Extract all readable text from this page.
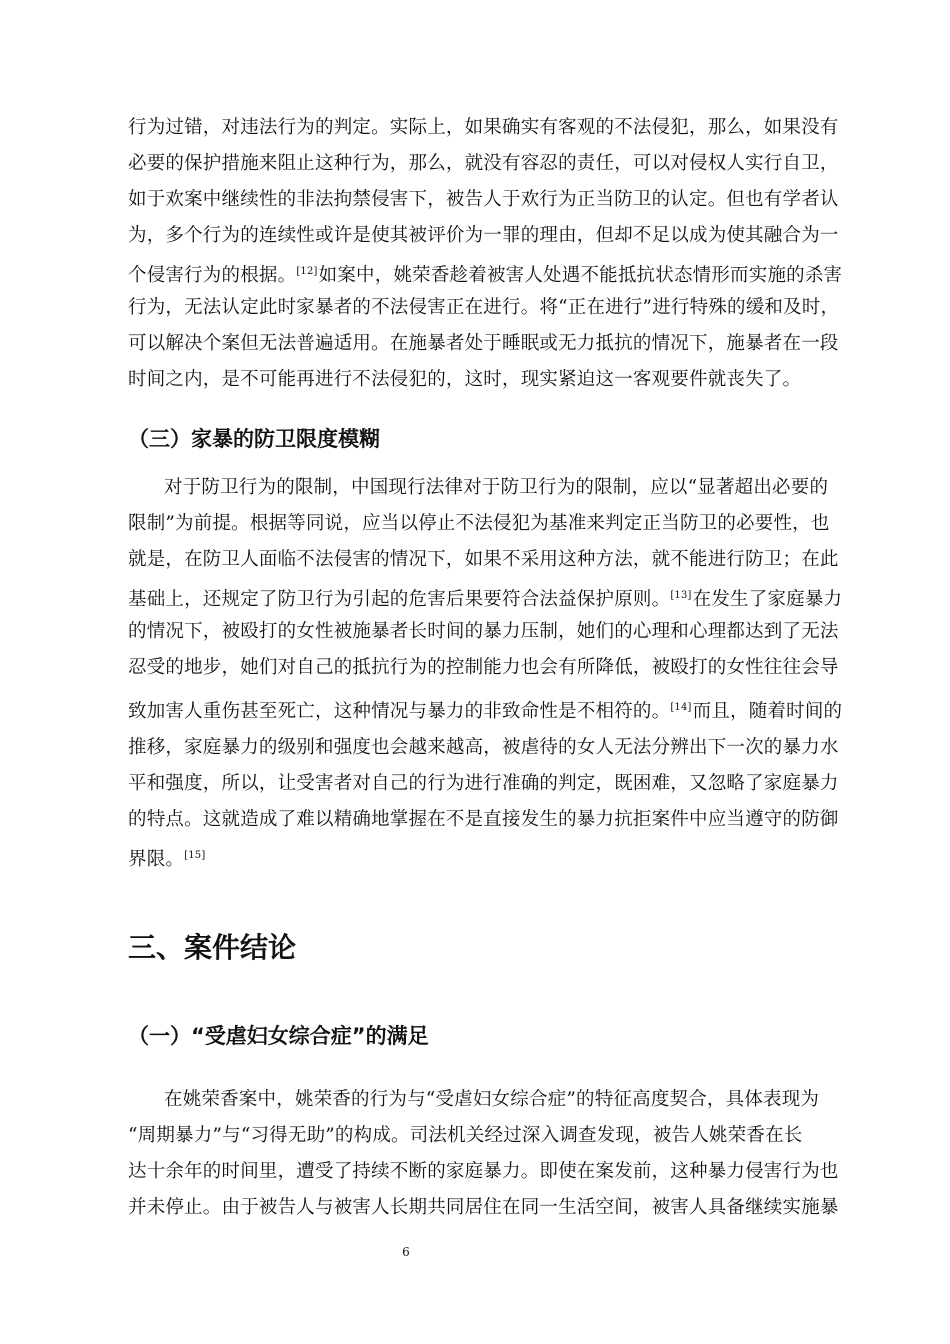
行为过错，对违法行为的判定。实际上，如果确实有客观的不法侵犯，那么，如果没有
必要的保护措施来阻止这种行为，那么，就没有容忍的责任，可以对侵权人实行自卫，
如于欢案中继续性的非法拘禁侵害下，被告人于欢行为正当防卫的认定。但也有学者认
为，多个行为的连续性或许是使其被评价为一罪的理由，但却不足以成为使其融合为一
个侵害行为的根据。[12]如案中，姚荣香趁着被害人处遇不能抵抗状态情形而实施的杀害
行为，无法认定此时家暴者的不法侵害正在进行。将“正在进行”进行特殊的缓和及时，
可以解决个案但无法普遍适用。在施暴者处于睡眠或无力抵抗的情况下，施暴者在一段
时间之内，是不可能再进行不法侵犯的，这时，现实紧迫这一客观要件就丧失了。
（三）家暴的防卫限度模糊
对于防卫行为的限制，中国现行法律对于防卫行为的限制，应以“显著超出必要的
限制”为前提。根据等同说，应当以停止不法侵犯为基准来判定正当防卫的必要性，也
就是，在防卫人面临不法侵害的情况下，如果不采用这种方法，就不能进行防卫；在此
基础上，还规定了防卫行为引起的危害后果要符合法益保护原则。[13]在发生了家庭暴力
的情况下，被殴打的女性被施暴者长时间的暴力压制，她们的心理和心理都达到了无法
忍受的地步，她们对自己的抵抗行为的控制能力也会有所降低，被殴打的女性往往会导
致加害人重伤甚至死亡，这种情况与暴力的非致命性是不相符的。[14]而且，随着时间的
推移，家庭暴力的级别和强度也会越来越高，被虐待的女人无法分辨出下一次的暴力水
平和强度，所以，让受害者对自己的行为进行准确的判定，既困难，又忽略了家庭暴力
的特点。这就造成了难以精确地掌握在不是直接发生的暴力抗拒案件中应当遵守的防御
界限。[15]
三、案件结论
（一）“受虐妇女综合症”的满足
在姚荣香案中，姚荣香的行为与“受虐妇女综合症”的特征高度契合，具体表现为
“周期暴力”与“习得无助”的构成。司法机关经过深入调查发现，被告人姚荣香在长
达十余年的时间里，遭受了持续不断的家庭暴力。即使在案发前，这种暴力侵害行为也
并未停止。由于被告人与被害人长期共同居住在同一生活空间，被害人具备继续实施暴
6
